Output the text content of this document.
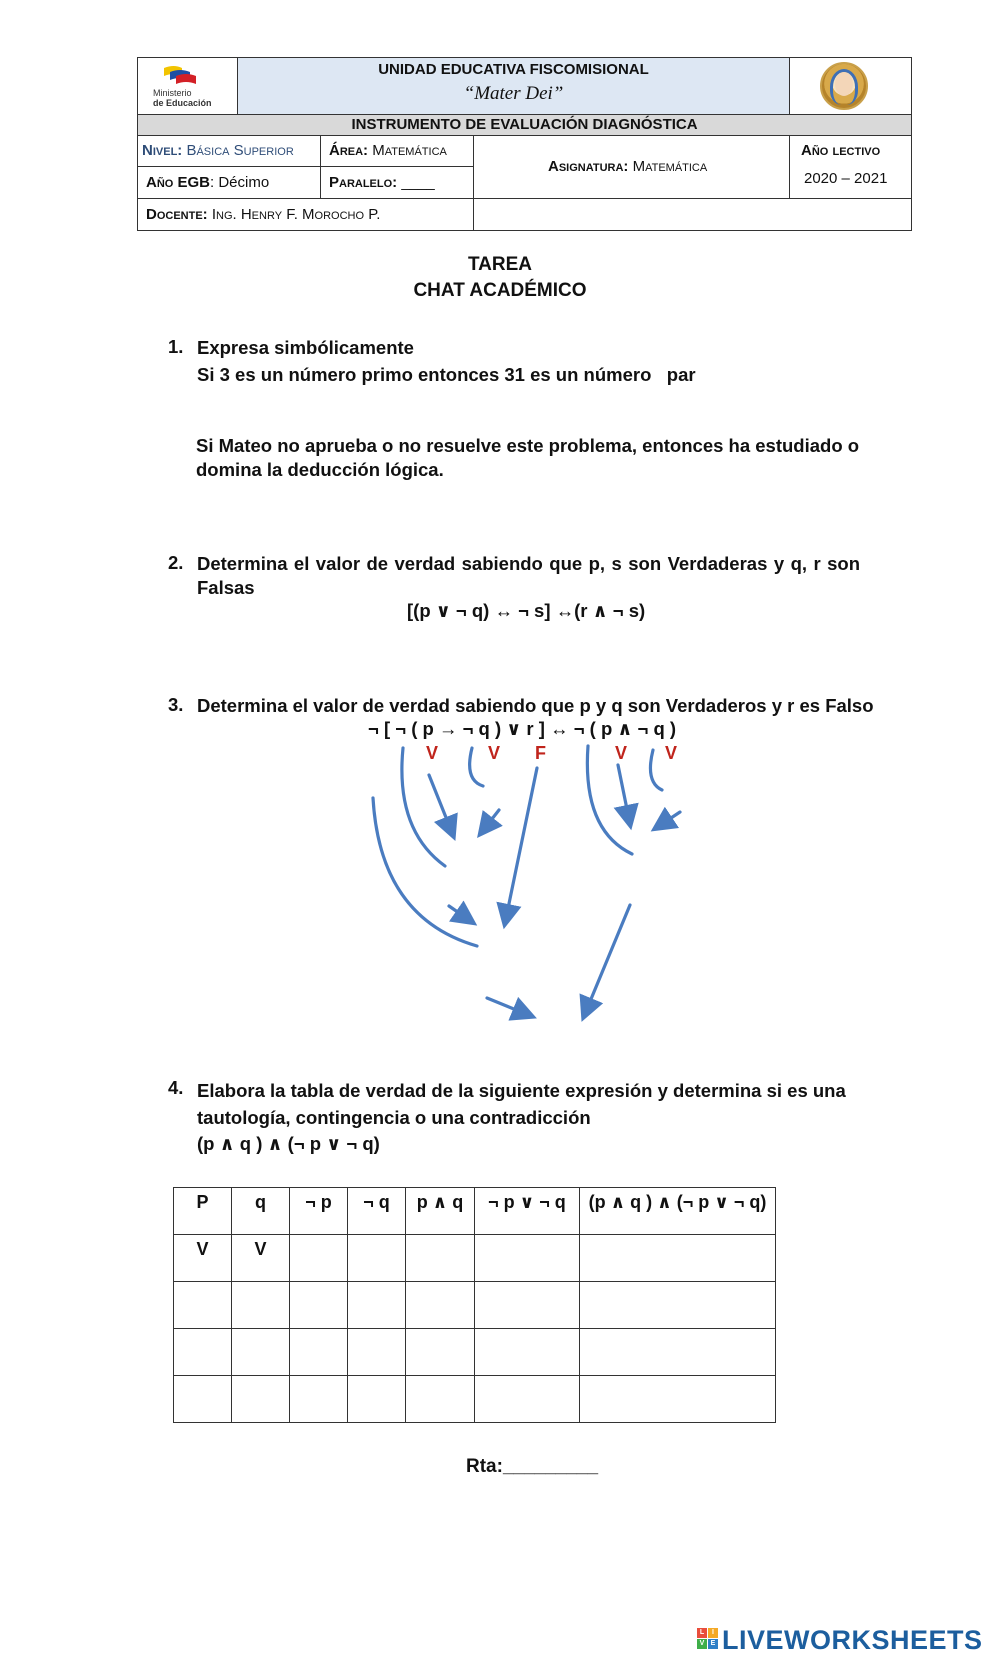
Ministerio
de Educación
UNIDAD EDUCATIVA FISCOMISIONAL
“Mater Dei”
INSTRUMENTO DE EVALUACIÓN DIAGNÓSTICA
Nivel: Básica Superior Área: Matemática
Asignatura: Matemática
Año lectivo
2020 – 2021
Año EGB: Décimo	Paralelo: ____
Docente: Ing. Henry F. Morocho P.
TAREA
CHAT ACADÉMICO
1. Expresa simbólicamente
Si 3 es un número primo entonces 31 es un número   par
Si Mateo no aprueba o no resuelve este problema, entonces ha estudiado o domina la deducción lógica.
2. Determina el valor de verdad sabiendo que p, s son Verdaderas y q, r son Falsas
[(p ∨ ¬ q) ↔ ¬ s] ↔(r ∧ ¬ s)
3. Determina el valor de verdad sabiendo que p y q son Verdaderos y r es Falso
¬ [ ¬ ( p → ¬ q ) ∨ r ] ↔ ¬ ( p ∧ ¬ q )
V	V F	V V
4. Elabora la tabla de verdad de la siguiente expresión y determina si es una tautología, contingencia o una contradicción
(p ∧ q ) ∧ (¬ p ∨ ¬ q)
P	q	¬ p	¬ q	p ∧ q	¬ p ∨ ¬ q	(p ∧ q ) ∧ (¬ p ∨ ¬ q)
V	V					

Rta:_________
L	I
V E LIVEWORKSHEETS
